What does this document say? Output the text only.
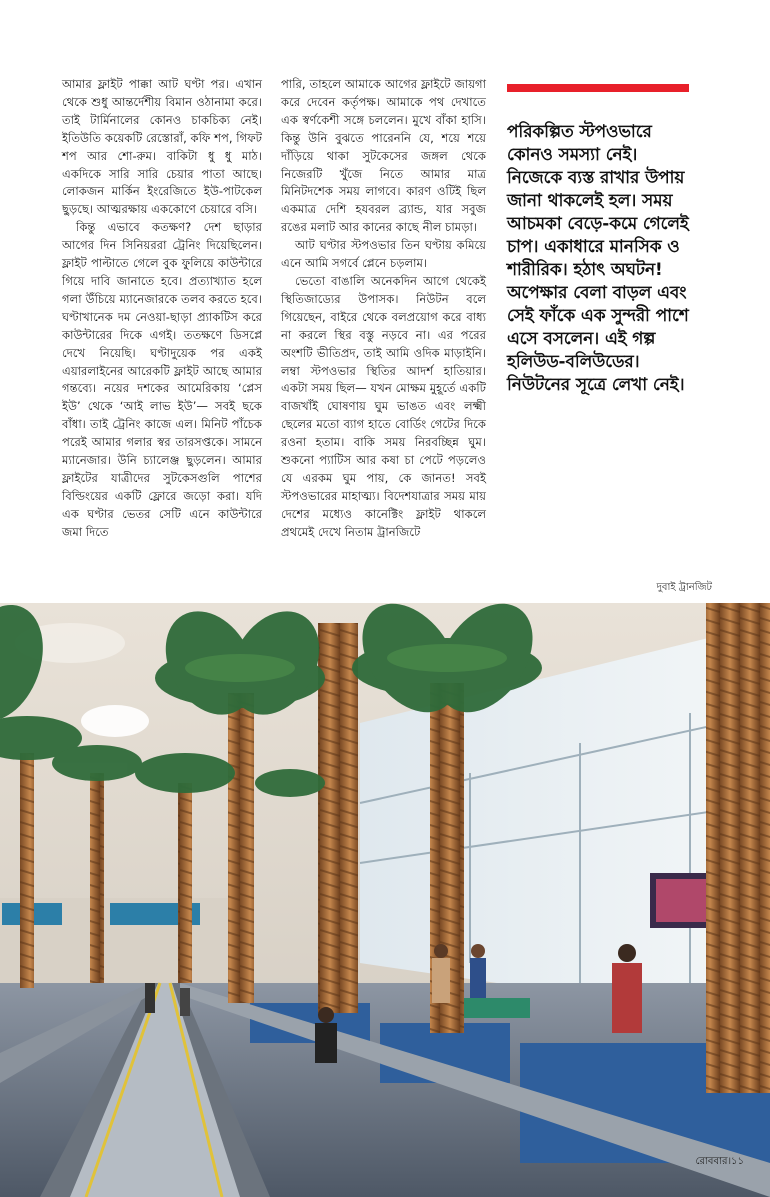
আমার ফ্লাইট পাক্কা আট ঘণ্টা পর। এখান থেকে শুধু আন্তর্দেশীয় বিমান ওঠানামা করে। তাই টার্মিনালের কোনও চাকচিক্য নেই। ইতিউতি কয়েকটি রেস্তোরাঁ, কফি শপ, গিফট শপ আর শো-রুম। বাকিটা ধু ধু মাঠ। একদিকে সারি সারি চেয়ার পাতা আছে। লোকজন মার্কিন ইংরেজিতে ইউ-পাটকেল ছুড়ছে। আত্মরক্ষায় এককোণে চেয়ারে বসি।

কিন্তু এভাবে কতক্ষণ? দেশ ছাড়ার আগের দিন সিনিয়ররা ট্রেনিং দিয়েছিলেন। ফ্লাইট পাল্টাতে গেলে বুক ফুলিয়ে কাউন্টারে গিয়ে দাবি জানাতে হবে। প্রত্যাখ্যাত হলে গলা উঁচিয়ে ম্যানেজারকে তলব করতে হবে। ঘণ্টাখানেক দম নেওয়া-ছাড়া প্র্যাকটিস করে কাউন্টারের দিকে এগই। ততক্ষণে ডিসপ্লে দেখে নিয়েছি। ঘণ্টাদুয়েক পর একই এয়ারলাইনের আরেকটি ফ্লাইট আছে আমার গন্তব্যে। নয়ের দশকের আমেরিকায় ‘প্লেস ইউ’ থেকে ‘আই লাভ ইউ’— সবই ছকে বাঁধা। তাই ট্রেনিং কাজে এল। মিনিট পাঁচেক পরেই আমার গলার স্বর তারসপ্তকে। সামনে ম্যানেজার। উনি চ্যালেঞ্জ ছুড়লেন। আমার ফ্লাইটের যাত্রীদের সুটকেসগুলি পাশের বিল্ডিংয়ের একটি ফ্লোরে জড়ো করা। যদি এক ঘণ্টার ভেতর সেটি এনে কাউন্টারে জমা দিতে

পারি, তাহলে আমাকে আগের ফ্লাইটে জায়গা করে দেবেন কর্তৃপক্ষ। আমাকে পথ দেখাতে এক স্বর্ণকেশী সঙ্গে চললেন। মুখে বাঁকা হাসি। কিন্তু উনি বুঝতে পারেননি যে, শয়ে শয়ে দাঁড়িয়ে থাকা সুটকেসের জঙ্গল থেকে নিজেরটি খুঁজে নিতে আমার মাত্র মিনিটদশেক সময় লাগবে। কারণ ওটিই ছিল একমাত্র দেশি হযবরল ব্র্যান্ড, যার সবুজ রঙের মলাট আর কানের কাছে নীল চামড়া।

আট ঘণ্টার স্টপওভার তিন ঘণ্টায় কমিয়ে এনে আমি সগর্বে প্লেনে চড়লাম।

ভেতো বাঙালি অনেকদিন আগে থেকেই স্থিতিজাড্যের উপাসক। নিউটন বলে গিয়েছেন, বাইরে থেকে বলপ্রয়োগ করে বাধ্য না করলে স্থির বস্তু নড়বে না। এর পরের অংশটি ভীতিপ্রদ, তাই আমি ওদিক মাড়াইনি। লম্বা স্টপওভার স্থিতির আদর্শ হাতিয়ার। একটা সময় ছিল— যখন মোক্ষম মুহূর্তে একটি বাজখাঁই ঘোষণায় ঘুম ভাঙত এবং লক্ষ্মী ছেলের মতো ব্যাগ হাতে বোর্ডিং গেটের দিকে রওনা হতাম। বাকি সময় নিরবচ্ছিন্ন ঘুম। শুকনো প্যাটিস আর কষা চা পেটে পড়লেও যে এরকম ঘুম পায়, কে জানত! সবই স্টপওভারের মাহাত্ম্য। বিদেশযাত্রার সময় মায় দেশের মধ্যেও কানেক্টিং ফ্লাইট থাকলে প্রথমেই দেখে নিতাম ট্রানজিটে

পরিকল্পিত স্টপওভারে কোনও সমস্যা নেই। নিজেকে ব্যস্ত রাখার উপায় জানা থাকলেই হল। সময় আচমকা বেড়ে-কমে গেলেই চাপ। একাধারে মানসিক ও শারীরিক। হঠাৎ অঘটন! অপেক্ষার বেলা বাড়ল এবং সেই ফাঁকে এক সুন্দরী পাশে এসে বসলেন। এই গল্প হলিউড-বলিউডের। নিউটনের সূত্রে লেখা নেই।
দুবাই ট্রানজিট
রোববার।১১
